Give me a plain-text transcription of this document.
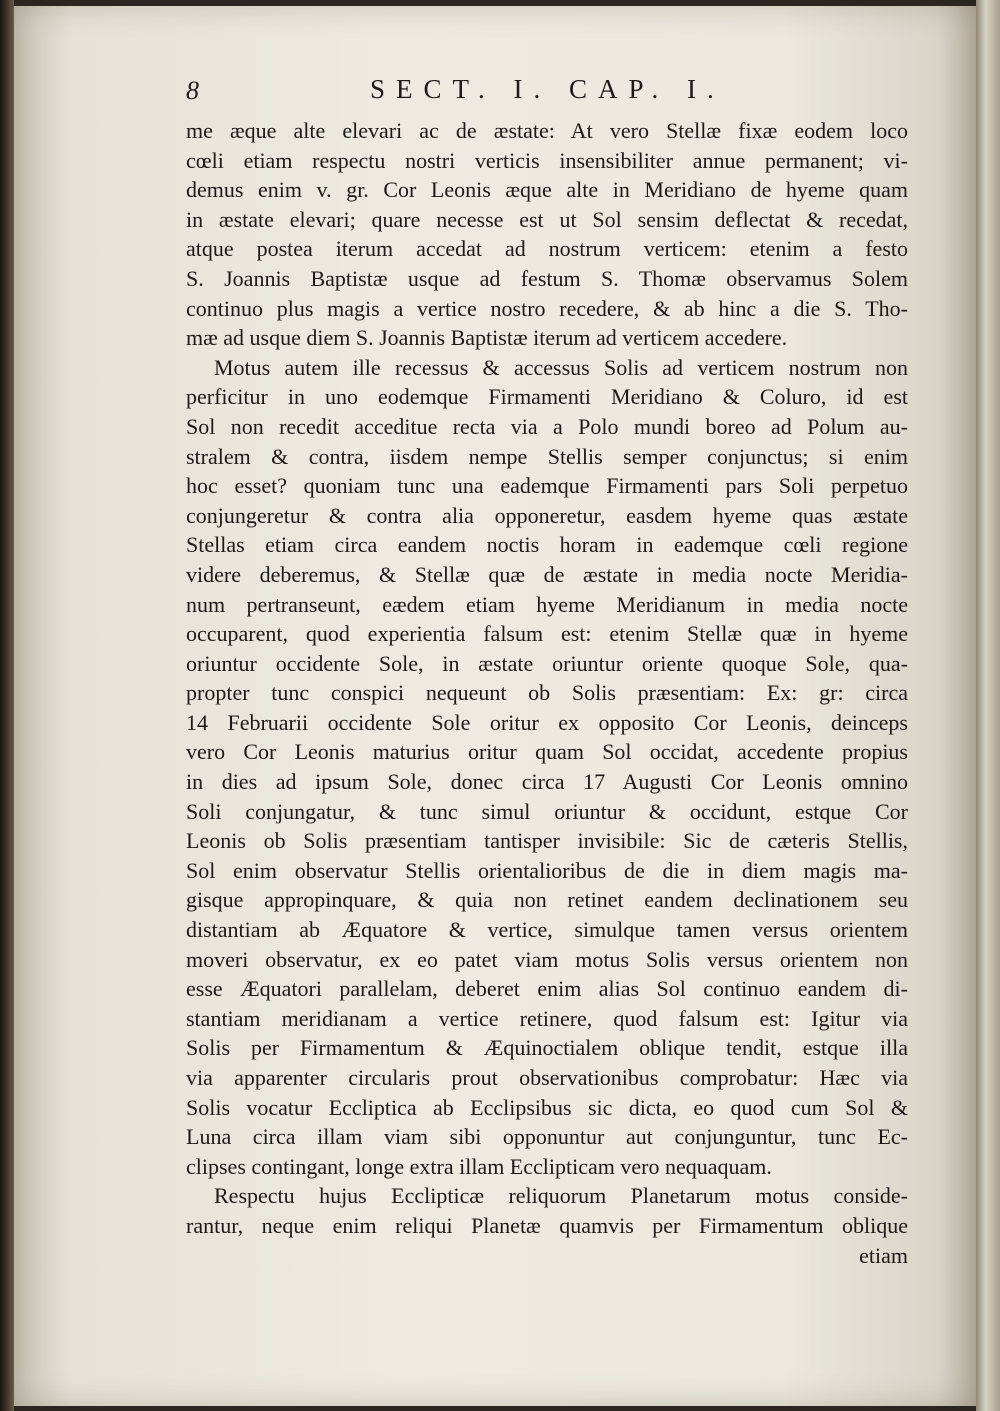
8	SECT. I. CAP. I.
me æque alte elevari ac de æstate: At vero Stellæ fixæ eodem loco
cœli etiam respectu nostri verticis insensibiliter annue permanent; vi-
demus enim v. gr. Cor Leonis æque alte in Meridiano de hyeme quam
in æstate elevari; quare necesse est ut Sol sensim deflectat & recedat,
atque postea iterum accedat ad nostrum verticem: etenim a festo
S. Joannis Baptistæ usque ad festum S. Thomæ observamus Solem
continuo plus magis a vertice nostro recedere, & ab hinc a die S. Tho-
mæ ad usque diem S. Joannis Baptistæ iterum ad verticem accedere.
Motus autem ille recessus & accessus Solis ad verticem nostrum non
perficitur in uno eodemque Firmamenti Meridiano & Coluro, id est
Sol non recedit acceditue recta via a Polo mundi boreo ad Polum au-
stralem & contra, iisdem nempe Stellis semper conjunctus; si enim
hoc esset? quoniam tunc una eademque Firmamenti pars Soli perpetuo
conjungeretur & contra alia opponeretur, easdem hyeme quas æstate
Stellas etiam circa eandem noctis horam in eademque cœli regione
videre deberemus, & Stellæ quæ de æstate in media nocte Meridia-
num pertranseunt, eædem etiam hyeme Meridianum in media nocte
occuparent, quod experientia falsum est: etenim Stellæ quæ in hyeme
oriuntur occidente Sole, in æstate oriuntur oriente quoque Sole, qua-
propter tunc conspici nequeunt ob Solis præsentiam: Ex: gr: circa
14 Februarii occidente Sole oritur ex opposito Cor Leonis, deinceps
vero Cor Leonis maturius oritur quam Sol occidat, accedente propius
in dies ad ipsum Sole, donec circa 17 Augusti Cor Leonis omnino
Soli conjungatur, & tunc simul oriuntur & occidunt, estque Cor
Leonis ob Solis præsentiam tantisper invisibile: Sic de cæteris Stellis,
Sol enim observatur Stellis orientalioribus de die in diem magis ma-
gisque appropinquare, & quia non retinet eandem declinationem seu
distantiam ab Æquatore & vertice, simulque tamen versus orientem
moveri observatur, ex eo patet viam motus Solis versus orientem non
esse Æquatori parallelam, deberet enim alias Sol continuo eandem di-
stantiam meridianam a vertice retinere, quod falsum est: Igitur via
Solis per Firmamentum & Æquinoctialem oblique tendit, estque illa
via apparenter circularis prout observationibus comprobatur: Hæc via
Solis vocatur Ecclipticа ab Ecclipsibus sic dicta, eo quod cum Sol &
Luna circa illam viam sibi opponuntur aut conjunguntur, tunc Ec-
clipses contingant, longe extra illam Ecclipticam vero nequaquam.
Respectu hujus Ecclipticæ reliquorum Planetarum motus conside-
rantur, neque enim reliqui Planetæ quamvis per Firmamentum oblique
etiam
